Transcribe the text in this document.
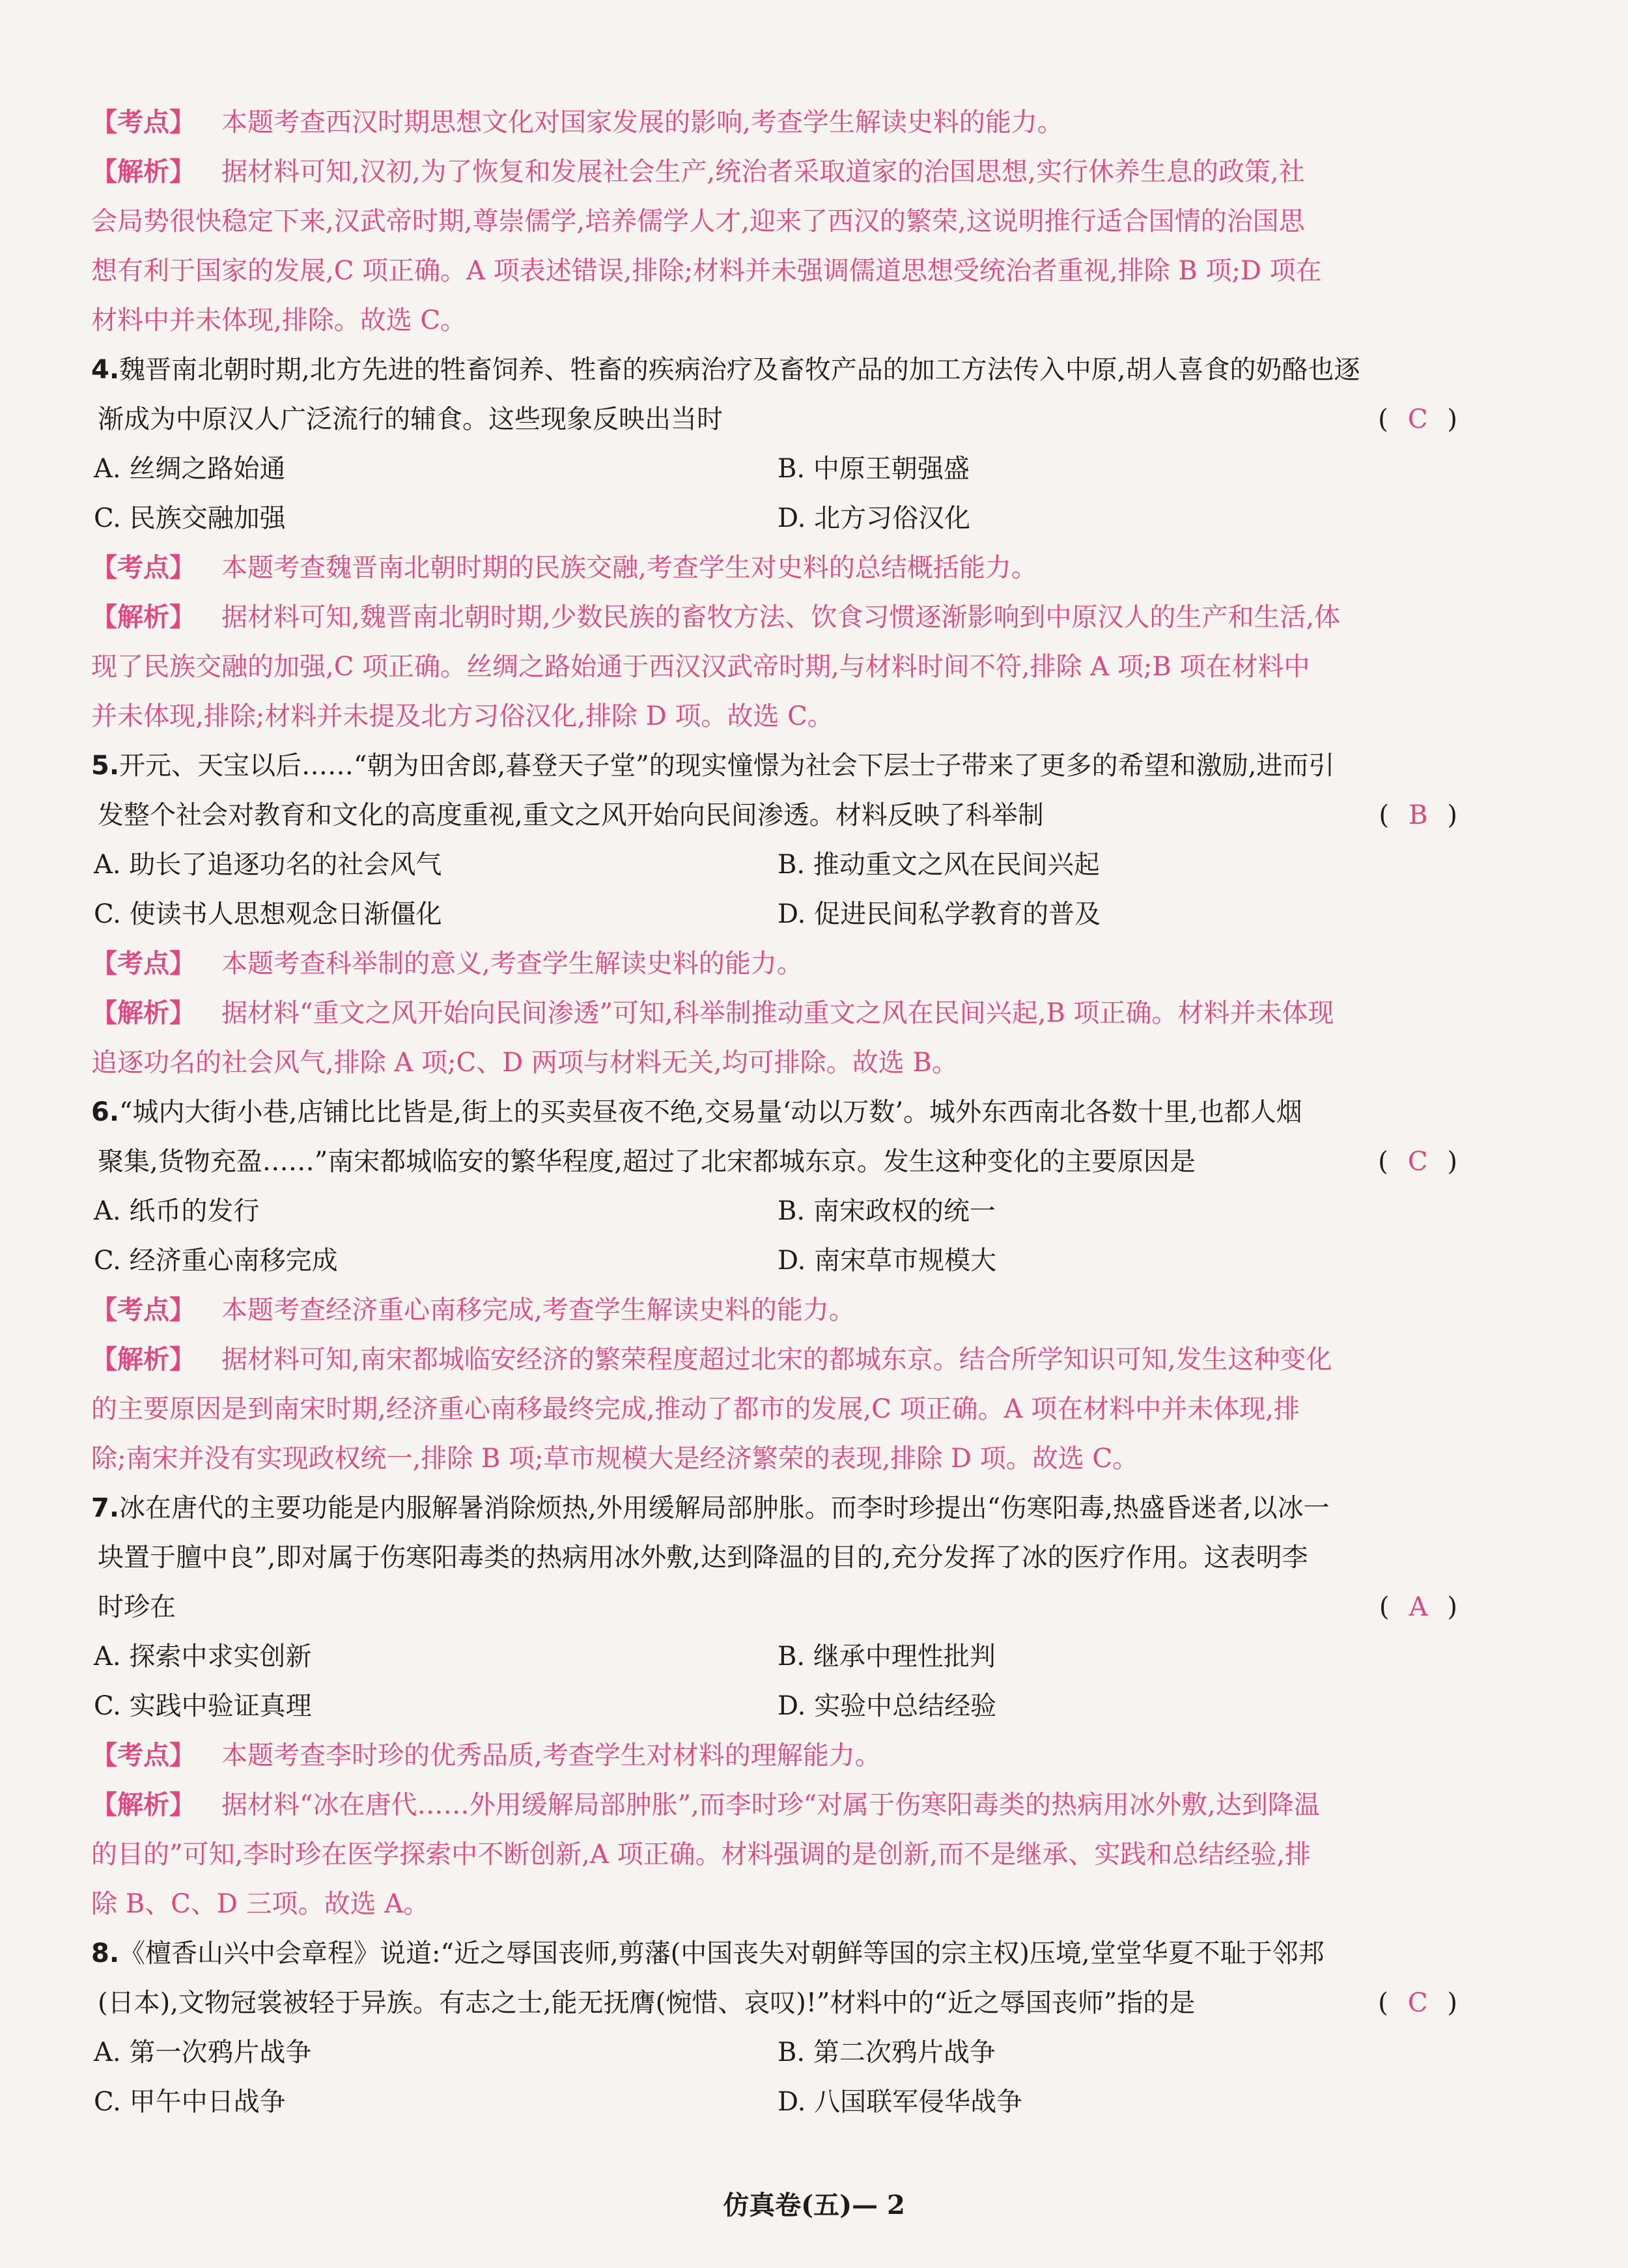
【考点】 本题考查西汉时期思想文化对国家发展的影响,考查学生解读史料的能力。
【解析】 据材料可知,汉初,为了恢复和发展社会生产,统治者采取道家的治国思想,实行休养生息的政策,社
会局势很快稳定下来,汉武帝时期,尊崇儒学,培养儒学人才,迎来了西汉的繁荣,这说明推行适合国情的治国思
想有利于国家的发展,C 项正确。A 项表述错误,排除;材料并未强调儒道思想受统治者重视,排除 B 项;D 项在
材料中并未体现,排除。故选 C。
4.魏晋南北朝时期,北方先进的牲畜饲养、牲畜的疾病治疗及畜牧产品的加工方法传入中原,胡人喜食的奶酪也逐
渐成为中原汉人广泛流行的辅食。这些现象反映出当时	( C )
A. 丝绸之路始通	B. 中原王朝强盛
C. 民族交融加强	D. 北方习俗汉化
【考点】 本题考查魏晋南北朝时期的民族交融,考查学生对史料的总结概括能力。
【解析】 据材料可知,魏晋南北朝时期,少数民族的畜牧方法、饮食习惯逐渐影响到中原汉人的生产和生活,体
现了民族交融的加强,C 项正确。丝绸之路始通于西汉汉武帝时期,与材料时间不符,排除 A 项;B 项在材料中
并未体现,排除;材料并未提及北方习俗汉化,排除 D 项。故选 C。
5.开元、天宝以后……“朝为田舍郎,暮登天子堂”的现实憧憬为社会下层士子带来了更多的希望和激励,进而引
发整个社会对教育和文化的高度重视,重文之风开始向民间渗透。材料反映了科举制	( B )
A. 助长了追逐功名的社会风气	B. 推动重文之风在民间兴起
C. 使读书人思想观念日渐僵化	D. 促进民间私学教育的普及
【考点】 本题考查科举制的意义,考查学生解读史料的能力。
【解析】 据材料“重文之风开始向民间渗透”可知,科举制推动重文之风在民间兴起,B 项正确。材料并未体现
追逐功名的社会风气,排除 A 项;C、D 两项与材料无关,均可排除。故选 B。
6.“城内大街小巷,店铺比比皆是,街上的买卖昼夜不绝,交易量‘动以万数’。城外东西南北各数十里,也都人烟
聚集,货物充盈……”南宋都城临安的繁华程度,超过了北宋都城东京。发生这种变化的主要原因是	( C )
A. 纸币的发行	B. 南宋政权的统一
C. 经济重心南移完成	D. 南宋草市规模大
【考点】 本题考查经济重心南移完成,考查学生解读史料的能力。
【解析】 据材料可知,南宋都城临安经济的繁荣程度超过北宋的都城东京。结合所学知识可知,发生这种变化
的主要原因是到南宋时期,经济重心南移最终完成,推动了都市的发展,C 项正确。A 项在材料中并未体现,排
除;南宋并没有实现政权统一,排除 B 项;草市规模大是经济繁荣的表现,排除 D 项。故选 C。
7.冰在唐代的主要功能是内服解暑消除烦热,外用缓解局部肿胀。而李时珍提出“伤寒阳毒,热盛昏迷者,以冰一
块置于膻中良”,即对属于伤寒阳毒类的热病用冰外敷,达到降温的目的,充分发挥了冰的医疗作用。这表明李
时珍在	( A )
A. 探索中求实创新	B. 继承中理性批判
C. 实践中验证真理	D. 实验中总结经验
【考点】 本题考查李时珍的优秀品质,考查学生对材料的理解能力。
【解析】 据材料“冰在唐代……外用缓解局部肿胀”,而李时珍“对属于伤寒阳毒类的热病用冰外敷,达到降温
的目的”可知,李时珍在医学探索中不断创新,A 项正确。材料强调的是创新,而不是继承、实践和总结经验,排
除 B、C、D 三项。故选 A。
8.《檀香山兴中会章程》说道:“近之辱国丧师,剪藩(中国丧失对朝鲜等国的宗主权)压境,堂堂华夏不耻于邻邦
(日本),文物冠裳被轻于异族。有志之士,能无抚膺(惋惜、哀叹)!”材料中的“近之辱国丧师”指的是	( C )
A. 第一次鸦片战争	B. 第二次鸦片战争
C. 甲午中日战争	D. 八国联军侵华战争
仿真卷(五)— 2
